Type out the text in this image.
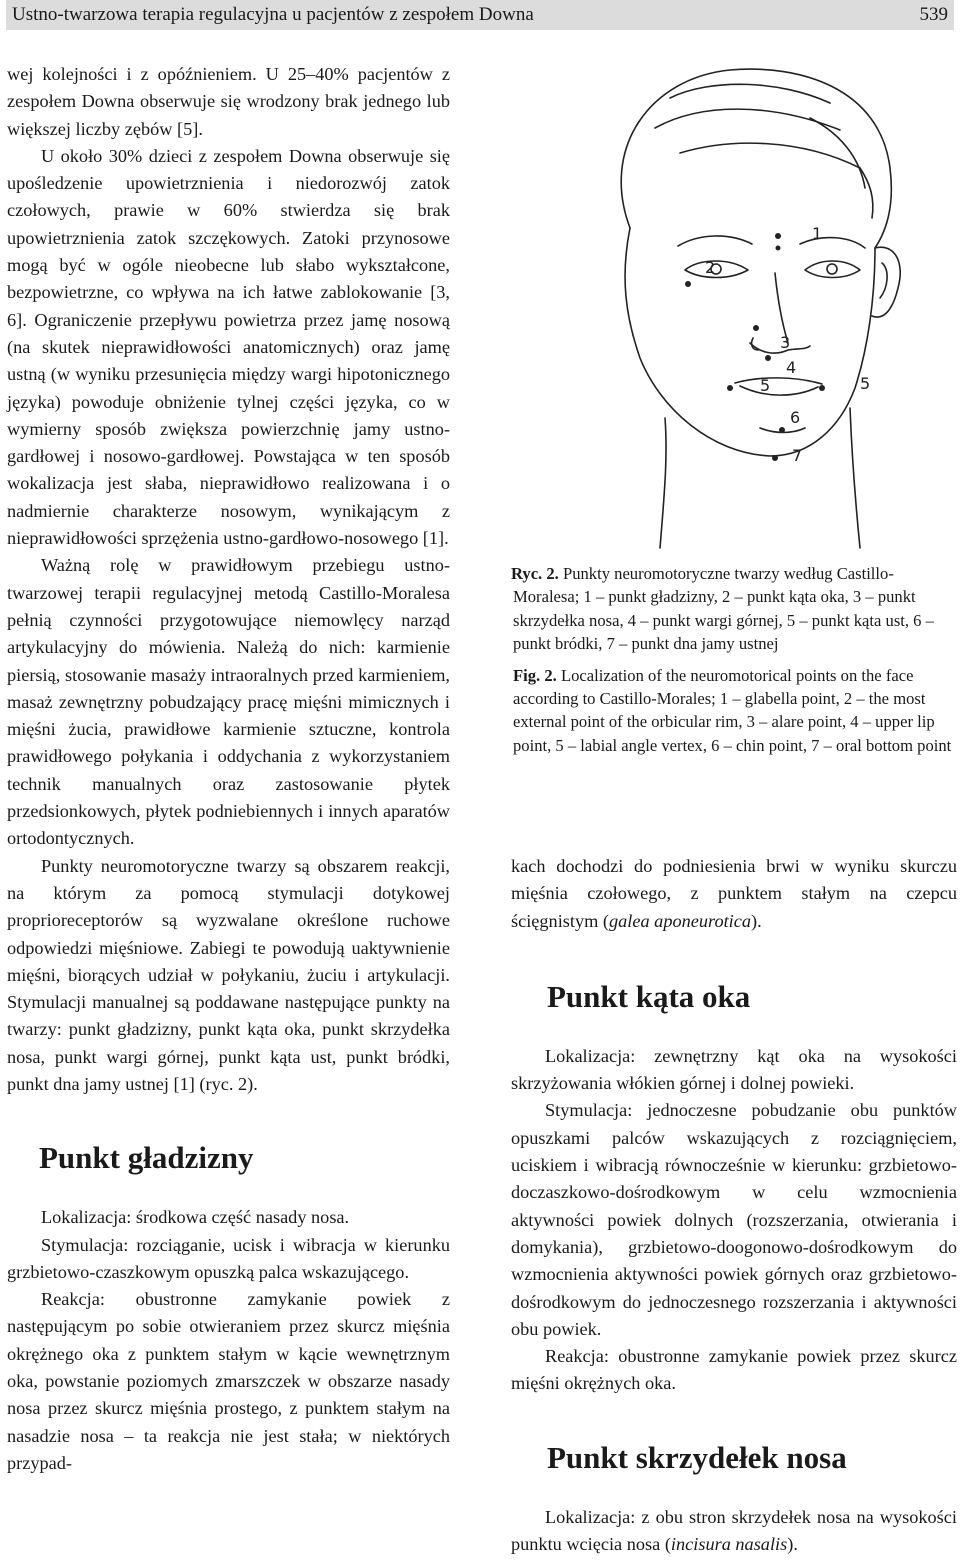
Ustno-twarzowa terapia regulacyjna u pacjentów z zespołem Downa	539

wej kolejności i z opóźnieniem. U 25–40% pacjentów z zespołem Downa obserwuje się wrodzony brak jednego lub większej liczby zębów [5].

U około 30% dzieci z zespołem Downa obserwuje się upośledzenie upowietrznienia i niedorozwój zatok czołowych, prawie w 60% stwierdza się brak upowietrznienia zatok szczękowych. Zatoki przynosowe mogą być w ogóle nieobecne lub słabo wykształcone, bezpowietrzne, co wpływa na ich łatwe zablokowanie [3, 6]. Ograniczenie przepływu powietrza przez jamę nosową (na skutek nieprawidłowości anatomicznych) oraz jamę ustną (w wyniku przesunięcia między wargi hipotonicznego języka) powoduje obniżenie tylnej części języka, co w wymierny sposób zwiększa powierzchnię jamy ustno-gardłowej i nosowo-gardłowej. Powstająca w ten sposób wokalizacja jest słaba, nieprawidłowo realizowana i o nadmiernie charakterze nosowym, wynikającym z nieprawidłowości sprzężenia ustno-gardłowo-nosowego [1].

Ważną rolę w prawidłowym przebiegu ustno-twarzowej terapii regulacyjnej metodą Castillo-Moralesa pełnią czynności przygotowujące niemowlęcy narząd artykulacyjny do mówienia. Należą do nich: karmienie piersią, stosowanie masaży intraoralnych przed karmieniem, masaż zewnętrzny pobudzający pracę mięśni mimicznych i mięśni żucia, prawidłowe karmienie sztuczne, kontrola prawidłowego połykania i oddychania z wykorzystaniem technik manualnych oraz zastosowanie płytek przedsionkowych, płytek podniebiennych i innych aparatów ortodontycznych.

Punkty neuromotoryczne twarzy są obszarem reakcji, na którym za pomocą stymulacji dotykowej proprioreceptorów są wyzwalane określone ruchowe odpowiedzi mięśniowe. Zabiegi te powodują uaktywnienie mięśni, biorących udział w połykaniu, żuciu i artykulacji. Stymulacji manualnej są poddawane następujące punkty na twarzy: punkt gładzizny, punkt kąta oka, punkt skrzydełka nosa, punkt wargi górnej, punkt kąta ust, punkt bródki, punkt dna jamy ustnej [1] (ryc. 2).

Punkt gładzizny

Lokalizacja: środkowa część nasady nosa.

Stymulacja: rozciąganie, ucisk i wibracja w kierunku grzbietowo-czaszkowym opuszką palca wskazującego.

Reakcja: obustronne zamykanie powiek z następującym po sobie otwieraniem przez skurcz mięśnia okrężnego oka z punktem stałym w kącie wewnętrznym oka, powstanie poziomych zmarszczek w obszarze nasady nosa przez skurcz mięśnia prostego, z punktem stałym na nasadzie nosa – ta reakcja nie jest stała; w niektórych przypad-

1
2
3
4
5	5
6
7
Ryc. 2. Punkty neuromotoryczne twarzy według Castillo-Moralesa; 1 – punkt gładzizny, 2 – punkt kąta oka, 3 – punkt skrzydełka nosa, 4 – punkt wargi górnej, 5 – punkt kąta ust, 6 – punkt bródki, 7 – punkt dna jamy ustnej
Fig. 2. Localization of the neuromotorical points on the face according to Castillo-Morales; 1 – glabella point, 2 – the most external point of the orbicular rim, 3 – alare point, 4 – upper lip point, 5 – labial angle vertex, 6 – chin point, 7 – oral bottom point

kach dochodzi do podniesienia brwi w wyniku skurczu mięśnia czołowego, z punktem stałym na czepcu ścięgnistym (galea aponeurotica).

Punkt kąta oka

Lokalizacja: zewnętrzny kąt oka na wysokości skrzyżowania włókien górnej i dolnej powieki.

Stymulacja: jednoczesne pobudzanie obu punktów opuszkami palców wskazujących z rozciągnięciem, uciskiem i wibracją równocześnie w kierunku: grzbietowo-doczaszkowo-dośrodkowym w celu wzmocnienia aktywności powiek dolnych (rozszerzania, otwierania i domykania), grzbietowo-doogonowo-dośrodkowym do wzmocnienia aktywności powiek górnych oraz grzbietowo-dośrodkowym do jednoczesnego rozszerzania i aktywności obu powiek.

Reakcja: obustronne zamykanie powiek przez skurcz mięśni okrężnych oka.

Punkt skrzydełek nosa

Lokalizacja: z obu stron skrzydełek nosa na wysokości punktu wcięcia nosa (incisura nasalis).
